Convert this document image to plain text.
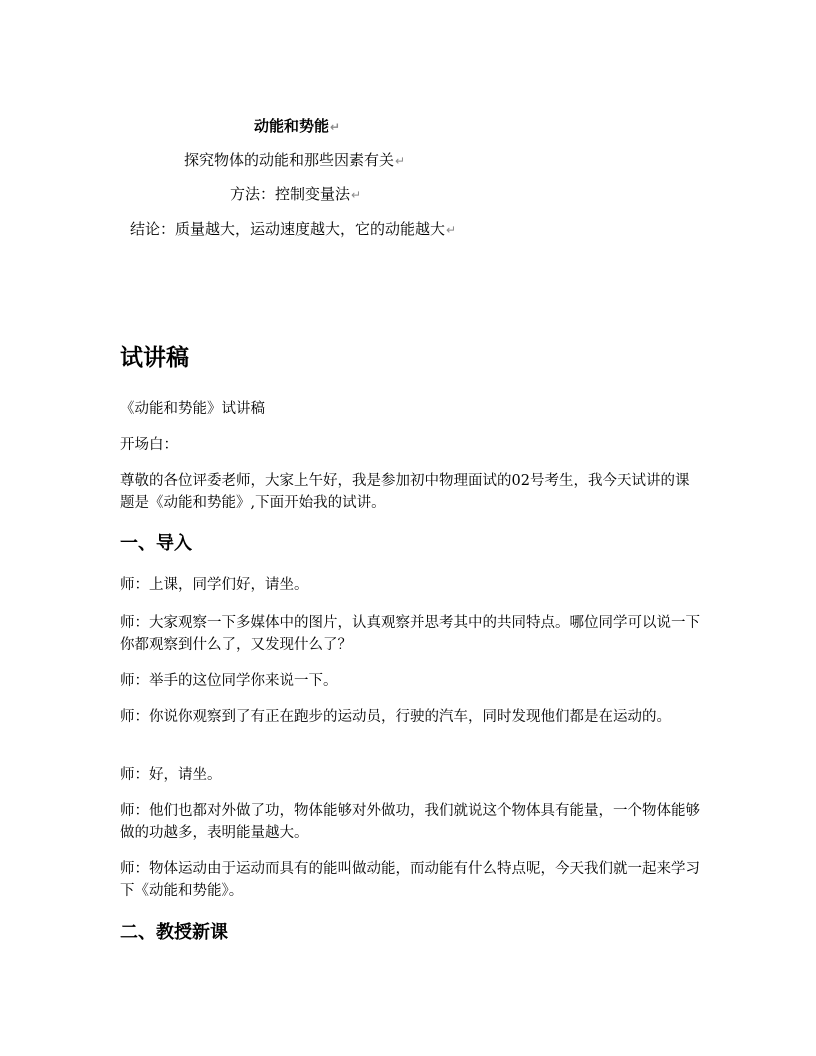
动能和势能↵
探究物体的动能和那些因素有关↵
方法：控制变量法↵
结论：质量越大，运动速度越大，它的动能越大↵
试讲稿

《动能和势能》试讲稿

开场白：

尊敬的各位评委老师，大家上午好，我是参加初中物理面试的02号考生，我今天试讲的课题是《动能和势能》,下面开始我的试讲。

一、导入

师：上课，同学们好，请坐。

师：大家观察一下多媒体中的图片，认真观察并思考其中的共同特点。哪位同学可以说一下你都观察到什么了，又发现什么了？

师：举手的这位同学你来说一下。

师：你说你观察到了有正在跑步的运动员，行驶的汽车，同时发现他们都是在运动的。

师：好，请坐。

师：他们也都对外做了功，物体能够对外做功，我们就说这个物体具有能量，一个物体能够做的功越多，表明能量越大。

师：物体运动由于运动而具有的能叫做动能，而动能有什么特点呢，今天我们就一起来学习下《动能和势能》。

二、教授新课
